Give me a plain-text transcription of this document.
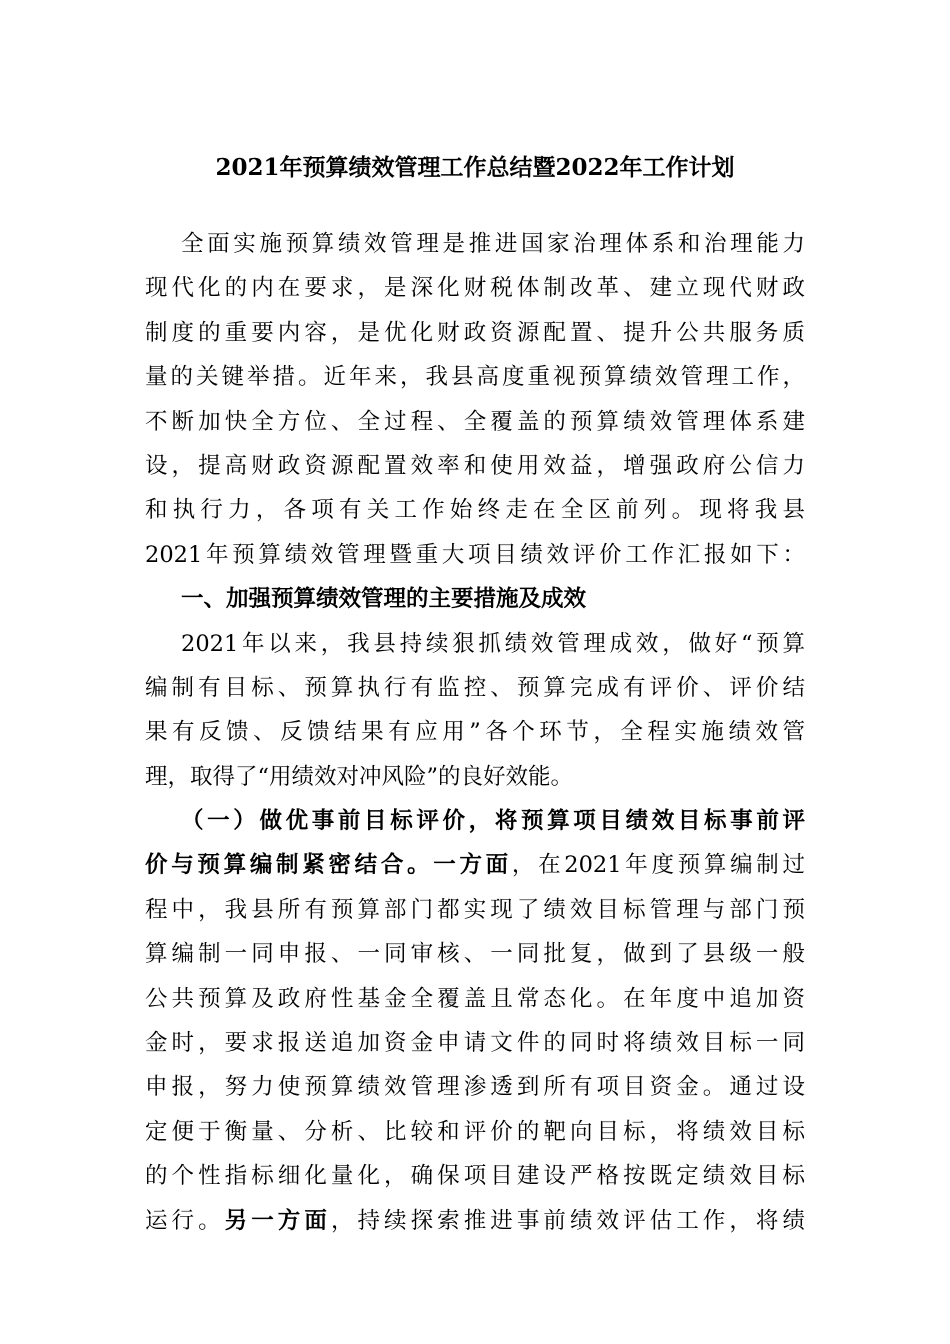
2021年预算绩效管理工作总结暨2022年工作计划
全面实施预算绩效管理是推进国家治理体系和治理能力
现代化的内在要求，是深化财税体制改革、建立现代财政
制度的重要内容，是优化财政资源配置、提升公共服务质
量的关键举措。近年来，我县高度重视预算绩效管理工作，
不断加快全方位、全过程、全覆盖的预算绩效管理体系建
设，提高财政资源配置效率和使用效益，增强政府公信力
和执行力，各项有关工作始终走在全区前列。现将我县
2021年预算绩效管理暨重大项目绩效评价工作汇报如下：
一、加强预算绩效管理的主要措施及成效
2021年以来，我县持续狠抓绩效管理成效，做好“预算
编制有目标、预算执行有监控、预算完成有评价、评价结
果有反馈、反馈结果有应用”各个环节，全程实施绩效管
理，取得了“用绩效对冲风险”的良好效能。
（一）做优事前目标评价，将预算项目绩效目标事前评
价与预算编制紧密结合。一方面，在2021年度预算编制过
程中，我县所有预算部门都实现了绩效目标管理与部门预
算编制一同申报、一同审核、一同批复，做到了县级一般
公共预算及政府性基金全覆盖且常态化。在年度中追加资
金时，要求报送追加资金申请文件的同时将绩效目标一同
申报，努力使预算绩效管理渗透到所有项目资金。通过设
定便于衡量、分析、比较和评价的靶向目标，将绩效目标
的个性指标细化量化，确保项目建设严格按既定绩效目标
运行。另一方面，持续探索推进事前绩效评估工作，将绩
